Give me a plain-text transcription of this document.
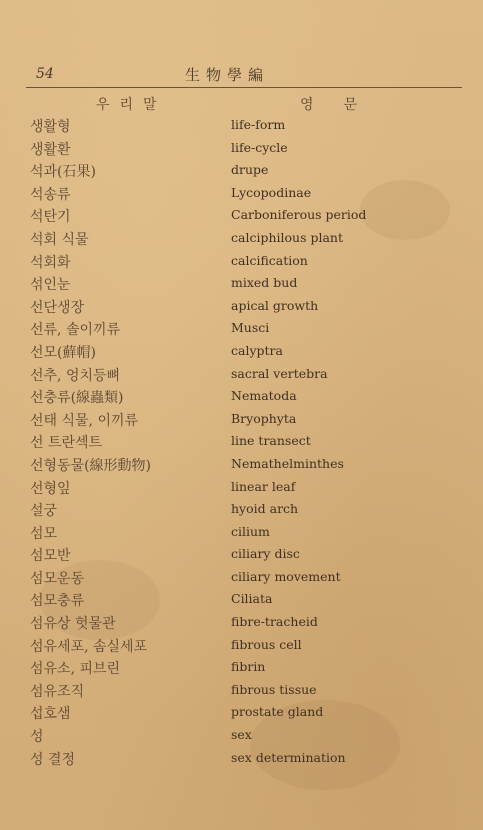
54	生物學編
우리말	영문
생활형	life-form
생활환	life-cycle
석과(石果)	drupe
석송류	Lycopodinae
석탄기	Carboniferous period
석회 식물	calciphilous plant
석회화	calcification
섞인눈	mixed bud
선단생장	apical growth
선류, 솔이끼류	Musci
선모(蘚帽)	calyptra
선추, 엉치등뼈	sacral vertebra
선충류(線蟲類)	Nematoda
선태 식물, 이끼류	Bryophyta
선 트란섹트	line transect
선형동물(線形動物)	Nemathelminthes
선형잎	linear leaf
설궁	hyoid arch
섬모	cilium
섬모반	ciliary disc
섬모운동	ciliary movement
섬모충류	Ciliata
섬유상 헛물관	fibre-tracheid
섬유세포, 솜실세포	fibrous cell
섬유소, 피브린	fibrin
섬유조직	fibrous tissue
섭호샘	prostate gland
성	sex
성 결정	sex determination
